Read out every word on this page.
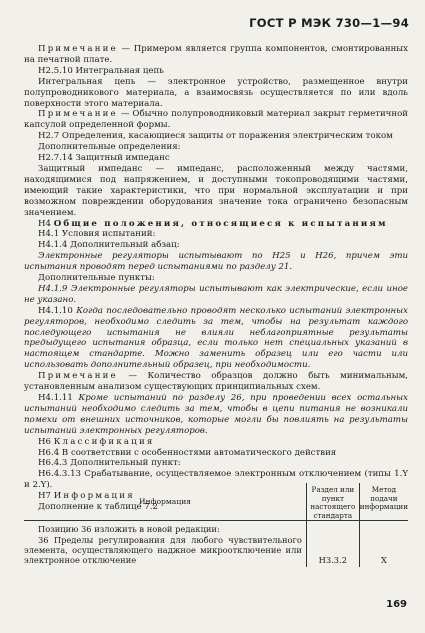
ГОСТ Р МЭК 730—1—94

Примечание — Примером является группа компонентов, смонтированных на печатной плате.

H2.5.10 Интегральная цепь

Интегральная цепь — электронное устройство, размещенное внутри полупроводникового материала, а взаимосвязь осуществляется по или вдоль поверхности этого материала.

Примечание — Обычно полупроводниковый материал закрыт герметичной капсулой определенной формы.

H2.7 Определения, касающиеся защиты от поражения электрическим током

Дополнительные определения:

H2.7.14 Защитный импеданс

Защитный импеданс — импеданс, расположенный между частями, находящимися под напряжением, и доступными токопроводящими частями, имеющий такие характеристики, что при нормальной эксплуатации и при возможном повреждении оборудования значение тока ограничено безопасным значением.

H4 Общие положения, относящиеся к испытаниям

H4.1 Условия испытаний:

H4.1.4 Дополнительный абзац:

Электронные регуляторы испытывают по H25 и H26, причем эти испытания проводят перед испытаниями по разделу 21.

Дополнительные пункты:

H4.1.9 Электронные регуляторы испытывают как электрические, если иное не указано.

H4.1.10 Когда последовательно проводят несколько испытаний электронных регуляторов, необходимо следить за тем, чтобы на результат каждого последующего испытания не влияли неблагоприятные результаты предыдущего испытания образца, если только нет специальных указаний в настоящем стандарте. Можно заменить образец или его части или использовать дополнительный образец, при необходимости.

Примечание — Количество образцов должно быть минимальным, установленным анализом существующих принципиальных схем.

H4.1.11 Кроме испытаний по разделу 26, при проведении всех остальных испытаний необходимо следить за тем, чтобы в цепи питания не возникали помехи от внешних источников, которые могли бы повлиять на результаты испытаний электронных регуляторов.

H6 Классификация

H6.4 В соответствии с особенностями автоматического действия

H6.4.3 Дополнительный пункт:

H6.4.3.13 Срабатывание, осуществляемое электронным отключением (типы 1.Y и 2.Y).

H7 Информация

Дополнение к таблице 7.2

Информация	Раздел или пункт настоящего стандарта	Метод подачи информации

Позицию 36 изложить в новой редакции:
36 Пределы регулирования для любого чувствительного элемента, осуществляющего наджное микроотключение или электронное отключение	Н3.3.2	X
169
